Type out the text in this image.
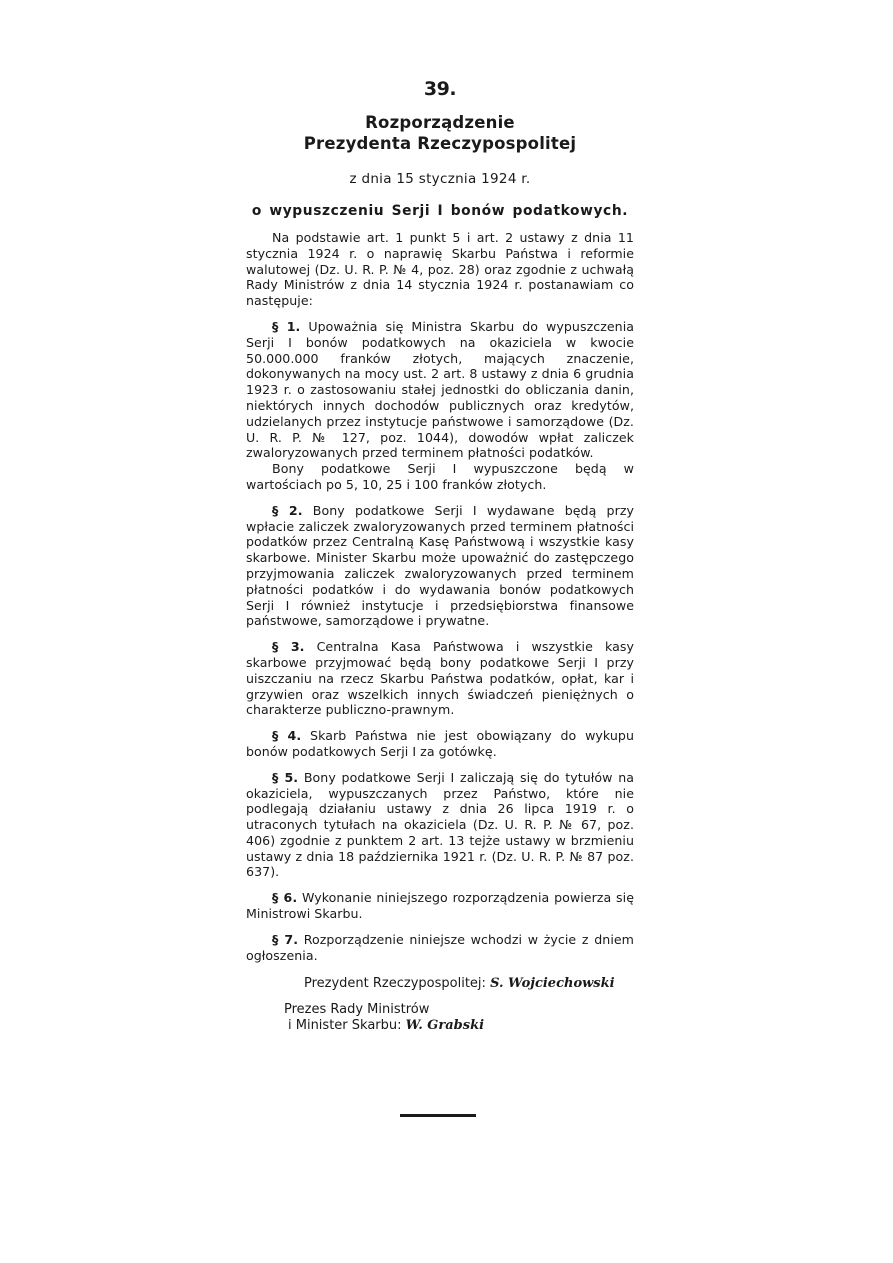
39.
Rozporządzenie
Prezydenta Rzeczypospolitej
z dnia 15 stycznia 1924 r.
o wypuszczeniu Serji I bonów podatkowych.

Na podstawie art. 1 punkt 5 i art. 2 ustawy z dnia 11 stycznia 1924 r. o naprawię Skarbu Państwa i reformie walutowej (Dz. U. R. P. № 4, poz. 28) oraz zgodnie z uchwałą Rady Ministrów z dnia 14 stycznia 1924 r. postanawiam co następuje:

§ 1. Upoważnia się Ministra Skarbu do wypuszczenia Serji I bonów podatkowych na okaziciela w kwocie 50.000.000 franków złotych, mających znaczenie, dokonywanych na mocy ust. 2 art. 8 ustawy z dnia 6 grudnia 1923 r. o zastosowaniu stałej jednostki do obliczania danin, niektórych innych dochodów publicznych oraz kredytów, udzielanych przez instytucje państwowe i samorządowe (Dz. U. R. P. № 127, poz. 1044), dowodów wpłat zaliczek zwaloryzowanych przed terminem płatności podatków.

Bony podatkowe Serji I wypuszczone będą w wartościach po 5, 10, 25 i 100 franków złotych.

§ 2. Bony podatkowe Serji I wydawane będą przy wpłacie zaliczek zwaloryzowanych przed terminem płatności podatków przez Centralną Kasę Państwową i wszystkie kasy skarbowe. Minister Skarbu może upoważnić do zastępczego przyjmowania zaliczek zwaloryzowanych przed terminem płatności podatków i do wydawania bonów podatkowych Serji I również instytucje i przedsiębiorstwa finansowe państwowe, samorządowe i prywatne.

§ 3. Centralna Kasa Państwowa i wszystkie kasy skarbowe przyjmować będą bony podatkowe Serji I przy uiszczaniu na rzecz Skarbu Państwa podatków, opłat, kar i grzywien oraz wszelkich innych świadczeń pieniężnych o charakterze publiczno-prawnym.

§ 4. Skarb Państwa nie jest obowiązany do wykupu bonów podatkowych Serji I za gotówkę.

§ 5. Bony podatkowe Serji I zaliczają się do tytułów na okaziciela, wypuszczanych przez Państwo, które nie podlegają działaniu ustawy z dnia 26 lipca 1919 r. o utraconych tytułach na okaziciela (Dz. U. R. P. № 67, poz. 406) zgodnie z punktem 2 art. 13 tejże ustawy w brzmieniu ustawy z dnia 18 października 1921 r. (Dz. U. R. P. № 87 poz. 637).

§ 6. Wykonanie niniejszego rozporządzenia powierza się Ministrowi Skarbu.

§ 7. Rozporządzenie niniejsze wchodzi w życie z dniem ogłoszenia.

Prezydent Rzeczypospolitej: S. Wojciechowski
Prezes Rady Ministrów
i Minister Skarbu: W. Grabski
